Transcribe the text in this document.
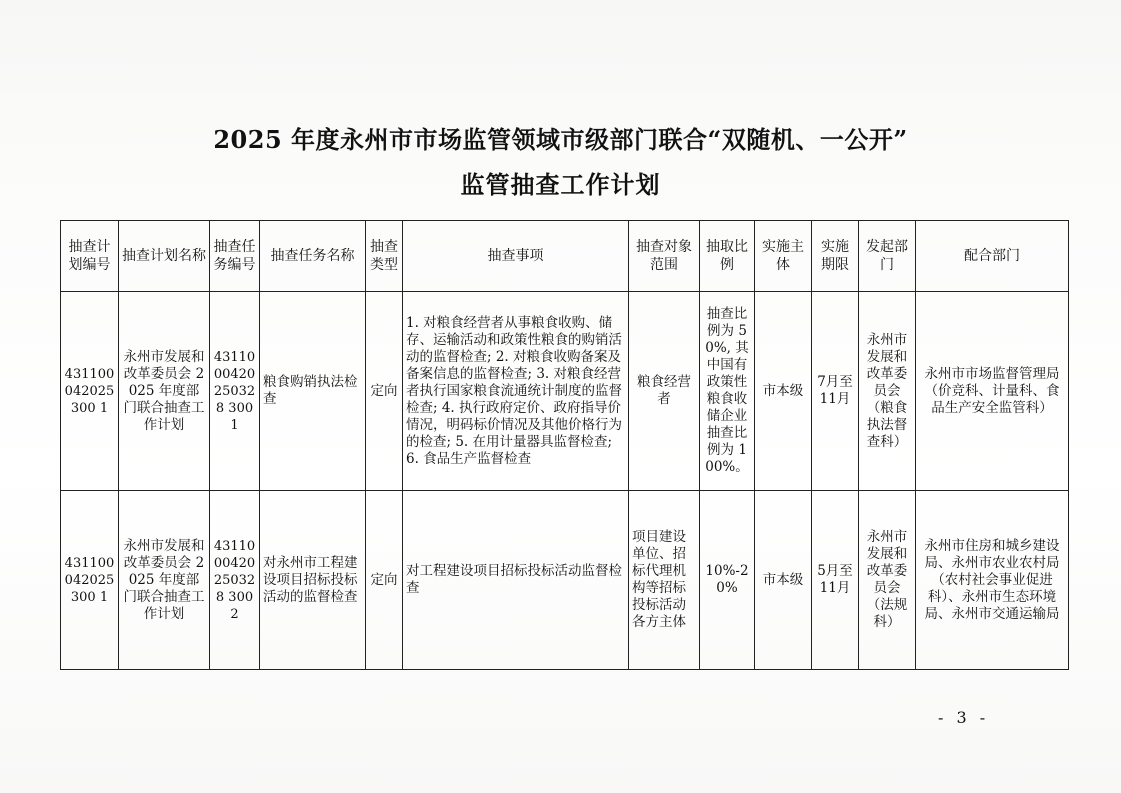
2025 年度永州市市场监管领域市级部门联合“双随机、一公开”
监管抽查工作计划
抽查计划编号	抽查计划名称	抽查任务编号	抽查任务名称	抽查类型	抽查事项	抽查对象范围	抽取比例	实施主体	实施期限	发起部门	配合部门
431100042025300 1	永州市发展和改革委员会 2025 年度部门联合抽查工作计划	4311000420250328 3001	粮食购销执法检查	定向	1. 对粮食经营者从事粮食收购、储存、运输活动和政策性粮食的购销活动的监督检查; 2. 对粮食收购备案及备案信息的监督检查; 3. 对粮食经营者执行国家粮食流通统计制度的监督检查; 4. 执行政府定价、政府指导价情况，明码标价情况及其他价格行为的检查; 5. 在用计量器具监督检查; 6. 食品生产监督检查	粮食经营者	抽查比例为 50%, 其中国有政策性粮食收储企业抽查比例为 100%。	市本级	7月至11月	永州市发展和改革委员会（粮食执法督查科）	永州市市场监督管理局（价竞科、计量科、食品生产安全监管科）
431100042025300 1	永州市发展和改革委员会 2025 年度部门联合抽查工作计划	4311000420250328 3002	对永州市工程建设项目招标投标活动的监督检查	定向	对工程建设项目招标投标活动监督检查	项目建设单位、招标代理机构等招标投标活动各方主体	10%-20%	市本级	5月至11月	永州市发展和改革委员会（法规科）	永州市住房和城乡建设局、永州市农业农村局（农村社会事业促进科）、永州市生态环境局、永州市交通运输局
- 3 -
